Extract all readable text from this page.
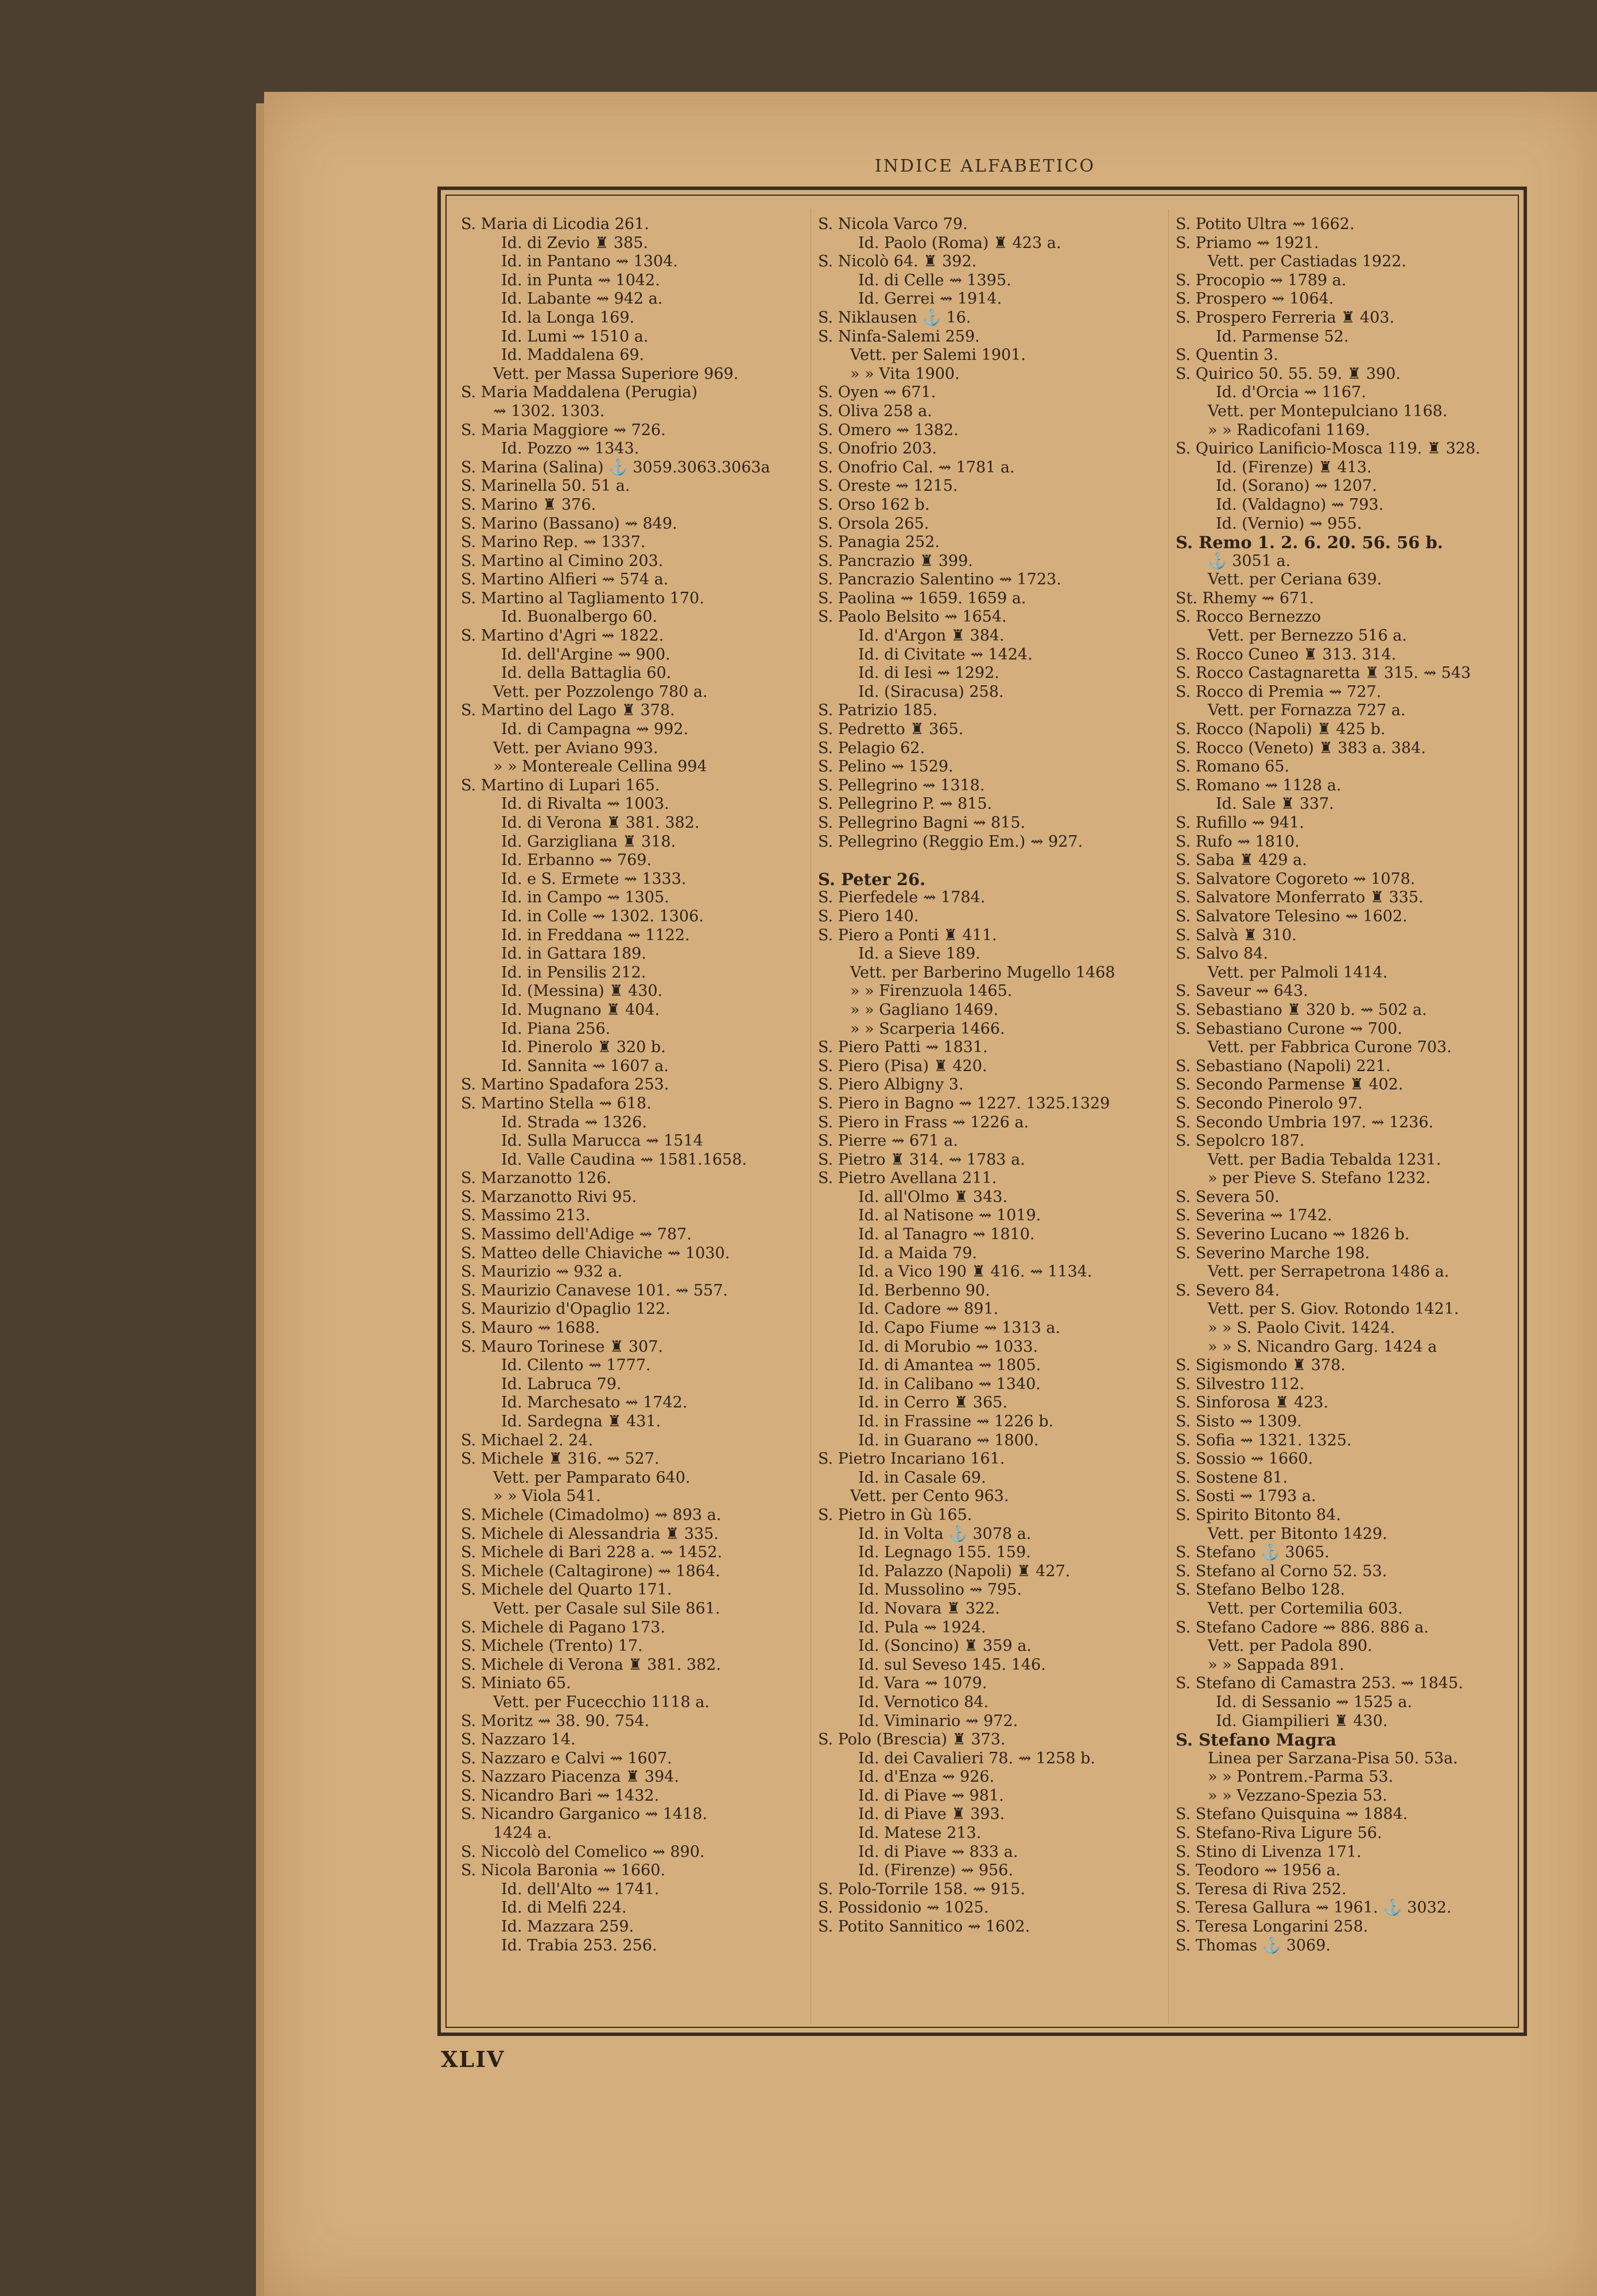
INDICE ALFABETICO
S. Maria di Licodia 261.
Id. di Zevio ♜ 385.
Id. in Pantano ⇝ 1304.
Id. in Punta ⇝ 1042.
Id. Labante ⇝ 942 a.
Id. la Longa 169.
Id. Lumi ⇝ 1510 a.
Id. Maddalena 69.
Vett. per Massa Superiore 969.
S. Maria Maddalena (Perugia)
⇝ 1302. 1303.
S. Maria Maggiore ⇝ 726.
Id. Pozzo ⇝ 1343.
S. Marina (Salina) ⚓ 3059.3063.3063a
S. Marinella 50. 51 a.
S. Marino ♜ 376.
S. Marino (Bassano) ⇝ 849.
S. Marino Rep. ⇝ 1337.
S. Martino al Cimino 203.
S. Martino Alfieri ⇝ 574 a.
S. Martino al Tagliamento 170.
Id. Buonalbergo 60.
S. Martino d'Agri ⇝ 1822.
Id. dell'Argine ⇝ 900.
Id. della Battaglia 60.
Vett. per Pozzolengo 780 a.
S. Martino del Lago ♜ 378.
Id. di Campagna ⇝ 992.
Vett. per Aviano 993.
» » Montereale Cellina 994
S. Martino di Lupari 165.
Id. di Rivalta ⇝ 1003.
Id. di Verona ♜ 381. 382.
Id. Garzigliana ♜ 318.
Id. Erbanno ⇝ 769.
Id. e S. Ermete ⇝ 1333.
Id. in Campo ⇝ 1305.
Id. in Colle ⇝ 1302. 1306.
Id. in Freddana ⇝ 1122.
Id. in Gattara 189.
Id. in Pensilis 212.
Id. (Messina) ♜ 430.
Id. Mugnano ♜ 404.
Id. Piana 256.
Id. Pinerolo ♜ 320 b.
Id. Sannita ⇝ 1607 a.
S. Martino Spadafora 253.
S. Martino Stella ⇝ 618.
Id. Strada ⇝ 1326.
Id. Sulla Marucca ⇝ 1514
Id. Valle Caudina ⇝ 1581.1658.
S. Marzanotto 126.
S. Marzanotto Rivi 95.
S. Massimo 213.
S. Massimo dell'Adige ⇝ 787.
S. Matteo delle Chiaviche ⇝ 1030.
S. Maurizio ⇝ 932 a.
S. Maurizio Canavese 101. ⇝ 557.
S. Maurizio d'Opaglio 122.
S. Mauro ⇝ 1688.
S. Mauro Torinese ♜ 307.
Id. Cilento ⇝ 1777.
Id. Labruca 79.
Id. Marchesato ⇝ 1742.
Id. Sardegna ♜ 431.
S. Michael 2. 24.
S. Michele ♜ 316. ⇝ 527.
Vett. per Pamparato 640.
» » Viola 541.
S. Michele (Cimadolmo) ⇝ 893 a.
S. Michele di Alessandria ♜ 335.
S. Michele di Bari 228 a. ⇝ 1452.
S. Michele (Caltagirone) ⇝ 1864.
S. Michele del Quarto 171.
Vett. per Casale sul Sile 861.
S. Michele di Pagano 173.
S. Michele (Trento) 17.
S. Michele di Verona ♜ 381. 382.
S. Miniato 65.
Vett. per Fucecchio 1118 a.
S. Moritz ⇝ 38. 90. 754.
S. Nazzaro 14.
S. Nazzaro e Calvi ⇝ 1607.
S. Nazzaro Piacenza ♜ 394.
S. Nicandro Bari ⇝ 1432.
S. Nicandro Garganico ⇝ 1418.
1424 a.
S. Niccolò del Comelico ⇝ 890.
S. Nicola Baronia ⇝ 1660.
Id. dell'Alto ⇝ 1741.
Id. di Melfi 224.
Id. Mazzara 259.
Id. Trabia 253. 256.
S. Nicola Varco 79.
Id. Paolo (Roma) ♜ 423 a.
S. Nicolò 64. ♜ 392.
Id. di Celle ⇝ 1395.
Id. Gerrei ⇝ 1914.
S. Niklausen ⚓ 16.
S. Ninfa-Salemi 259.
Vett. per Salemi 1901.
» » Vita 1900.
S. Oyen ⇝ 671.
S. Oliva 258 a.
S. Omero ⇝ 1382.
S. Onofrio 203.
S. Onofrio Cal. ⇝ 1781 a.
S. Oreste ⇝ 1215.
S. Orso 162 b.
S. Orsola 265.
S. Panagia 252.
S. Pancrazio ♜ 399.
S. Pancrazio Salentino ⇝ 1723.
S. Paolina ⇝ 1659. 1659 a.
S. Paolo Belsito ⇝ 1654.
Id. d'Argon ♜ 384.
Id. di Civitate ⇝ 1424.
Id. di Iesi ⇝ 1292.
Id. (Siracusa) 258.
S. Patrizio 185.
S. Pedretto ♜ 365.
S. Pelagio 62.
S. Pelino ⇝ 1529.
S. Pellegrino ⇝ 1318.
S. Pellegrino P. ⇝ 815.
S. Pellegrino Bagni ⇝ 815.
S. Pellegrino (Reggio Em.) ⇝ 927.
S. Peter 26.
S. Pierfedele ⇝ 1784.
S. Piero 140.
S. Piero a Ponti ♜ 411.
Id. a Sieve 189.
Vett. per Barberino Mugello 1468
» » Firenzuola 1465.
» » Gagliano 1469.
» » Scarperia 1466.
S. Piero Patti ⇝ 1831.
S. Piero (Pisa) ♜ 420.
S. Piero Albigny 3.
S. Piero in Bagno ⇝ 1227. 1325.1329
S. Piero in Frass ⇝ 1226 a.
S. Pierre ⇝ 671 a.
S. Pietro ♜ 314. ⇝ 1783 a.
S. Pietro Avellana 211.
Id. all'Olmo ♜ 343.
Id. al Natisone ⇝ 1019.
Id. al Tanagro ⇝ 1810.
Id. a Maida 79.
Id. a Vico 190 ♜ 416. ⇝ 1134.
Id. Berbenno 90.
Id. Cadore ⇝ 891.
Id. Capo Fiume ⇝ 1313 a.
Id. di Morubio ⇝ 1033.
Id. di Amantea ⇝ 1805.
Id. in Calibano ⇝ 1340.
Id. in Cerro ♜ 365.
Id. in Frassine ⇝ 1226 b.
Id. in Guarano ⇝ 1800.
S. Pietro Incariano 161.
Id. in Casale 69.
Vett. per Cento 963.
S. Pietro in Gù 165.
Id. in Volta ⚓ 3078 a.
Id. Legnago 155. 159.
Id. Palazzo (Napoli) ♜ 427.
Id. Mussolino ⇝ 795.
Id. Novara ♜ 322.
Id. Pula ⇝ 1924.
Id. (Soncino) ♜ 359 a.
Id. sul Seveso 145. 146.
Id. Vara ⇝ 1079.
Id. Vernotico 84.
Id. Viminario ⇝ 972.
S. Polo (Brescia) ♜ 373.
Id. dei Cavalieri 78. ⇝ 1258 b.
Id. d'Enza ⇝ 926.
Id. di Piave ⇝ 981.
Id. di Piave ♜ 393.
Id. Matese 213.
Id. di Piave ⇝ 833 a.
Id. (Firenze) ⇝ 956.
S. Polo-Torrile 158. ⇝ 915.
S. Possidonio ⇝ 1025.
S. Potito Sannitico ⇝ 1602.
S. Potito Ultra ⇝ 1662.
S. Priamo ⇝ 1921.
Vett. per Castiadas 1922.
S. Procopio ⇝ 1789 a.
S. Prospero ⇝ 1064.
S. Prospero Ferreria ♜ 403.
Id. Parmense 52.
S. Quentin 3.
S. Quirico 50. 55. 59. ♜ 390.
Id. d'Orcia ⇝ 1167.
Vett. per Montepulciano 1168.
» » Radicofani 1169.
S. Quirico Lanificio-Mosca 119. ♜ 328.
Id. (Firenze) ♜ 413.
Id. (Sorano) ⇝ 1207.
Id. (Valdagno) ⇝ 793.
Id. (Vernio) ⇝ 955.
S. Remo 1. 2. 6. 20. 56. 56 b.
⚓ 3051 a.
Vett. per Ceriana 639.
St. Rhemy ⇝ 671.
S. Rocco Bernezzo
Vett. per Bernezzo 516 a.
S. Rocco Cuneo ♜ 313. 314.
S. Rocco Castagnaretta ♜ 315. ⇝ 543
S. Rocco di Premia ⇝ 727.
Vett. per Fornazza 727 a.
S. Rocco (Napoli) ♜ 425 b.
S. Rocco (Veneto) ♜ 383 a. 384.
S. Romano 65.
S. Romano ⇝ 1128 a.
Id. Sale ♜ 337.
S. Rufillo ⇝ 941.
S. Rufo ⇝ 1810.
S. Saba ♜ 429 a.
S. Salvatore Cogoreto ⇝ 1078.
S. Salvatore Monferrato ♜ 335.
S. Salvatore Telesino ⇝ 1602.
S. Salvà ♜ 310.
S. Salvo 84.
Vett. per Palmoli 1414.
S. Saveur ⇝ 643.
S. Sebastiano ♜ 320 b. ⇝ 502 a.
S. Sebastiano Curone ⇝ 700.
Vett. per Fabbrica Curone 703.
S. Sebastiano (Napoli) 221.
S. Secondo Parmense ♜ 402.
S. Secondo Pinerolo 97.
S. Secondo Umbria 197. ⇝ 1236.
S. Sepolcro 187.
Vett. per Badia Tebalda 1231.
» per Pieve S. Stefano 1232.
S. Severa 50.
S. Severina ⇝ 1742.
S. Severino Lucano ⇝ 1826 b.
S. Severino Marche 198.
Vett. per Serrapetrona 1486 a.
S. Severo 84.
Vett. per S. Giov. Rotondo 1421.
» » S. Paolo Civit. 1424.
» » S. Nicandro Garg. 1424 a
S. Sigismondo ♜ 378.
S. Silvestro 112.
S. Sinforosa ♜ 423.
S. Sisto ⇝ 1309.
S. Sofia ⇝ 1321. 1325.
S. Sossio ⇝ 1660.
S. Sostene 81.
S. Sosti ⇝ 1793 a.
S. Spirito Bitonto 84.
Vett. per Bitonto 1429.
S. Stefano ⚓ 3065.
S. Stefano al Corno 52. 53.
S. Stefano Belbo 128.
Vett. per Cortemilia 603.
S. Stefano Cadore ⇝ 886. 886 a.
Vett. per Padola 890.
» » Sappada 891.
S. Stefano di Camastra 253. ⇝ 1845.
Id. di Sessanio ⇝ 1525 a.
Id. Giampilieri ♜ 430.
S. Stefano Magra
Linea per Sarzana-Pisa 50. 53a.
» » Pontrem.-Parma 53.
» » Vezzano-Spezia 53.
S. Stefano Quisquina ⇝ 1884.
S. Stefano-Riva Ligure 56.
S. Stino di Livenza 171.
S. Teodoro ⇝ 1956 a.
S. Teresa di Riva 252.
S. Teresa Gallura ⇝ 1961. ⚓ 3032.
S. Teresa Longarini 258.
S. Thomas ⚓ 3069.
XLIV
